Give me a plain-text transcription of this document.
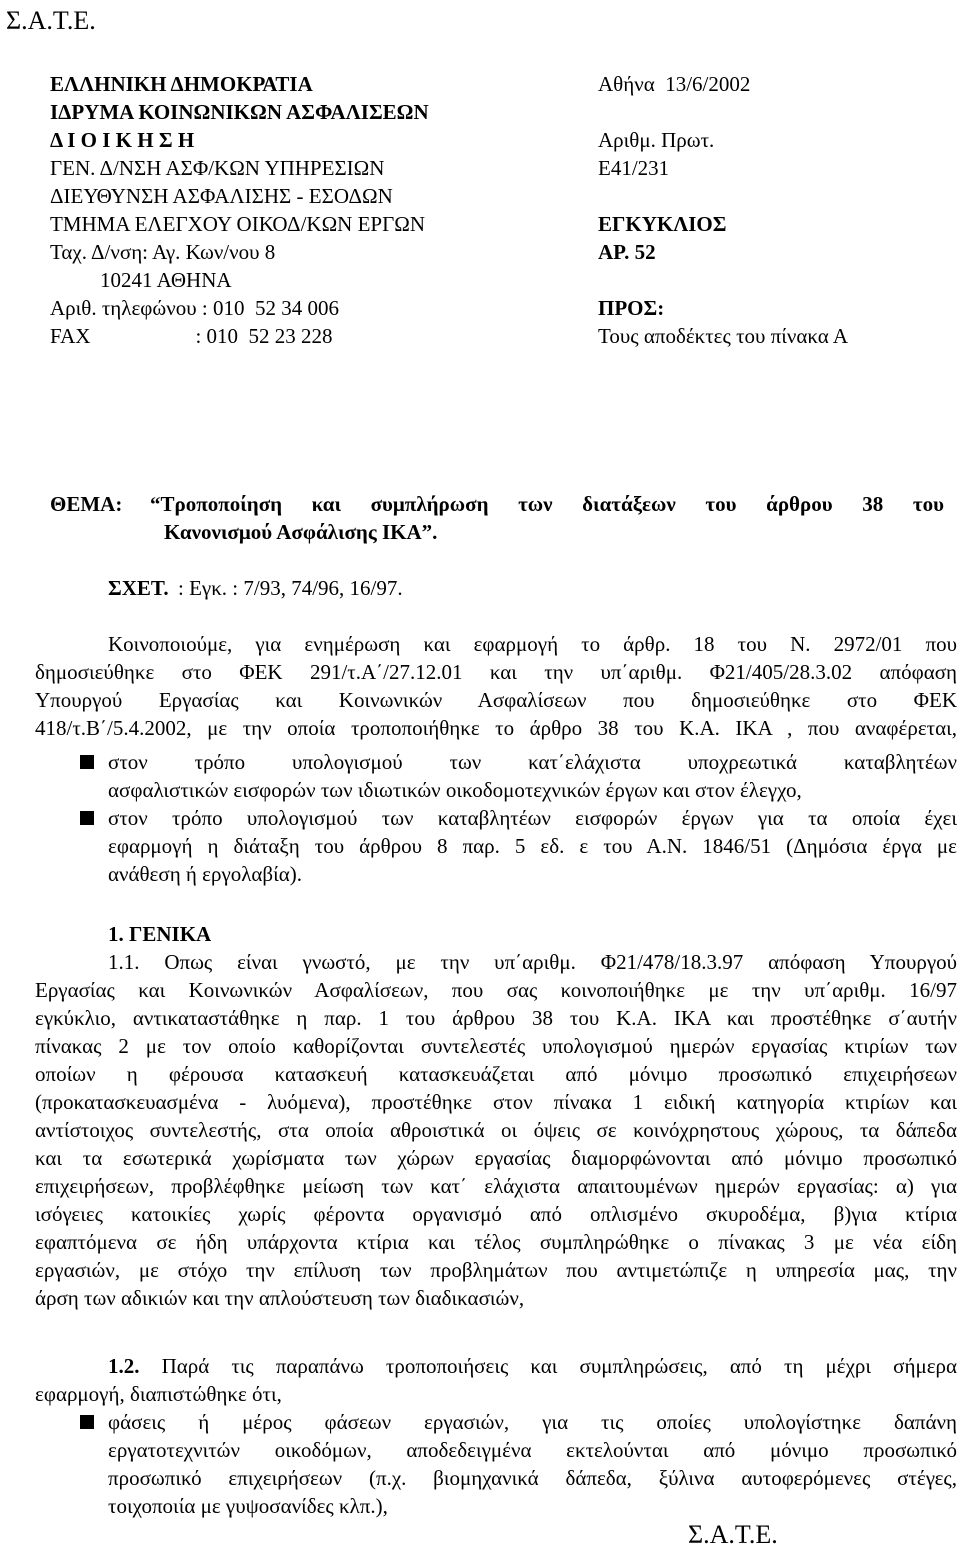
Σ.Α.Τ.Ε.
ΕΛΛΗΝΙΚΗ ΔΗΜΟΚΡΑΤΙΑ
ΙΔΡΥΜΑ ΚΟΙΝΩΝΙΚΩΝ ΑΣΦΑΛΙΣΕΩΝ
Δ Ι Ο Ι Κ Η Σ Η
ΓΕΝ. Δ/ΝΣΗ ΑΣΦ/ΚΩΝ ΥΠΗΡΕΣΙΩΝ
ΔΙΕΥΘΥΝΣΗ ΑΣΦΑΛΙΣΗΣ - ΕΣΟΔΩΝ
ΤΜΗΜΑ ΕΛΕΓΧΟΥ ΟΙΚΟΔ/ΚΩΝ ΕΡΓΩΝ
Ταχ. Δ/νση: Αγ. Κων/νου 8
10241 ΑΘΗΝΑ
Αριθ. τηλεφώνου : 010  52 34 006
FAX                    : 010  52 23 228
Αθήνα  13/6/2002
Αριθμ. Πρωτ.
Ε41/231
ΕΓΚΥΚΛΙΟΣ
ΑΡ. 52
ΠΡΟΣ:
Τους αποδέκτες του πίνακα Α
ΘΕΜΑ: “Τροποποίηση και συμπλήρωση των διατάξεων του άρθρου 38 του
Κανονισμού Ασφάλισης ΙΚΑ”.
ΣΧΕΤ. : Εγκ. : 7/93, 74/96, 16/97.
Κοινοποιούμε, για ενημέρωση και εφαρμογή το άρθρ. 18 του Ν. 2972/01 που
δημοσιεύθηκε στο ΦΕΚ 291/τ.Α΄/27.12.01 και την υπ΄αριθμ. Φ21/405/28.3.02 απόφαση
Υπουργού Εργασίας και Κοινωνικών Ασφαλίσεων που δημοσιεύθηκε στο ΦΕΚ
418/τ.Β΄/5.4.2002, με την οποία τροποποιήθηκε το άρθρο 38 του Κ.Α. ΙΚΑ , που αναφέρεται,
στον τρόπο υπολογισμού των κατ΄ελάχιστα υποχρεωτικά καταβλητέων
ασφαλιστικών εισφορών των ιδιωτικών οικοδομοτεχνικών έργων και στον έλεγχο,
στον τρόπο υπολογισμού των καταβλητέων εισφορών έργων για τα οποία έχει
εφαρμογή η διάταξη του άρθρου 8 παρ. 5 εδ. ε του Α.Ν. 1846/51 (Δημόσια έργα με
ανάθεση ή εργολαβία).
1. ΓΕΝΙΚΑ
1.1. Οπως είναι γνωστό, με την υπ΄αριθμ. Φ21/478/18.3.97 απόφαση Υπουργού
Εργασίας και Κοινωνικών Ασφαλίσεων, που σας κοινοποιήθηκε με την υπ΄αριθμ. 16/97
εγκύκλιο, αντικαταστάθηκε η παρ. 1 του άρθρου 38 του Κ.Α. ΙΚΑ και προστέθηκε σ΄αυτήν
πίνακας 2 με τον οποίο καθορίζονται συντελεστές υπολογισμού ημερών εργασίας κτιρίων των
οποίων η φέρουσα κατασκευή κατασκευάζεται από μόνιμο προσωπικό επιχειρήσεων
(προκατασκευασμένα - λυόμενα), προστέθηκε στον πίνακα 1 ειδική κατηγορία κτιρίων και
αντίστοιχος συντελεστής, στα οποία αθροιστικά οι όψεις σε κοινόχρηστους χώρους, τα δάπεδα
και τα εσωτερικά χωρίσματα των χώρων εργασίας διαμορφώνονται από μόνιμο προσωπικό
επιχειρήσεων, προβλέφθηκε μείωση των κατ΄ ελάχιστα απαιτουμένων ημερών εργασίας: α) για
ισόγειες κατοικίες χωρίς φέροντα οργανισμό από οπλισμένο σκυροδέμα, β)για κτίρια
εφαπτόμενα σε ήδη υπάρχοντα κτίρια και τέλος συμπληρώθηκε ο πίνακας 3 με νέα είδη
εργασιών, με στόχο την επίλυση των προβλημάτων που αντιμετώπιζε η υπηρεσία μας, την
άρση των αδικιών και την απλούστευση των διαδικασιών,
1.2. Παρά τις παραπάνω τροποποιήσεις και συμπληρώσεις, από τη μέχρι σήμερα
εφαρμογή, διαπιστώθηκε ότι,
φάσεις ή μέρος φάσεων εργασιών, για τις οποίες υπολογίστηκε δαπάνη
εργατοτεχνιτών οικοδόμων, αποδεδειγμένα εκτελούνται από μόνιμο προσωπικό
προσωπικό επιχειρήσεων (π.χ. βιομηχανικά δάπεδα, ξύλινα αυτοφερόμενες στέγες,
τοιχοποιία με γυψοσανίδες κλπ.),
Σ.Α.Τ.Ε.
